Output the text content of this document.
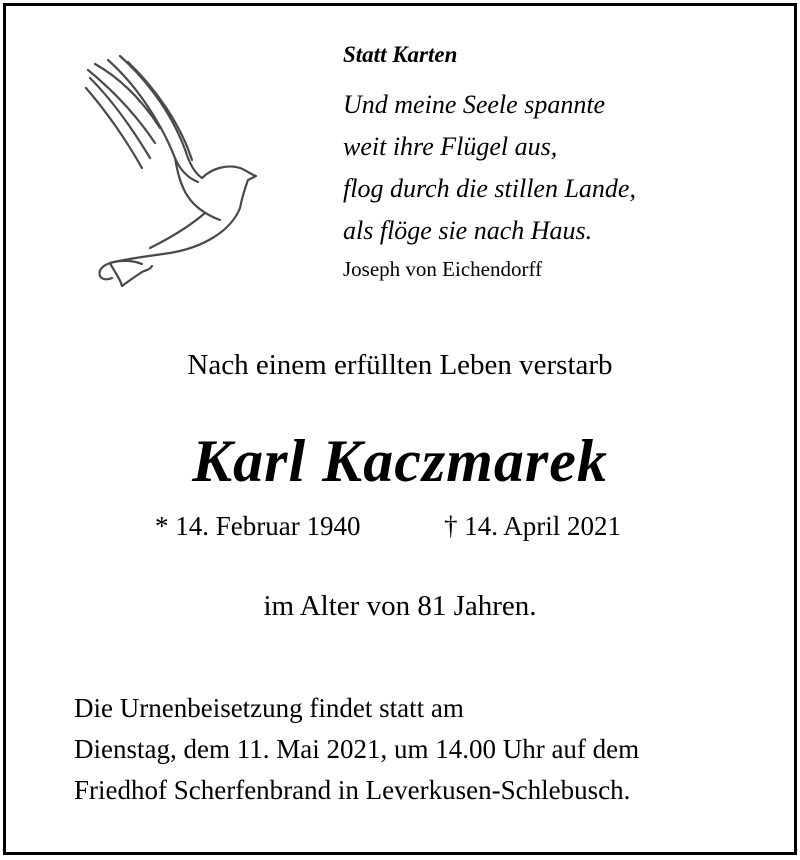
Statt Karten
Und meine Seele spannte
weit ihre Flügel aus,
flog durch die stillen Lande,
als flöge sie nach Haus.
Joseph von Eichendorff
Nach einem erfüllten Leben verstarb
Karl Kaczmarek
* 14. Februar 1940	† 14. April 2021
im Alter von 81 Jahren.
Die Urnenbeisetzung findet statt am
Dienstag, dem 11. Mai 2021, um 14.00 Uhr auf dem
Friedhof Scherfenbrand in Leverkusen-Schlebusch.
